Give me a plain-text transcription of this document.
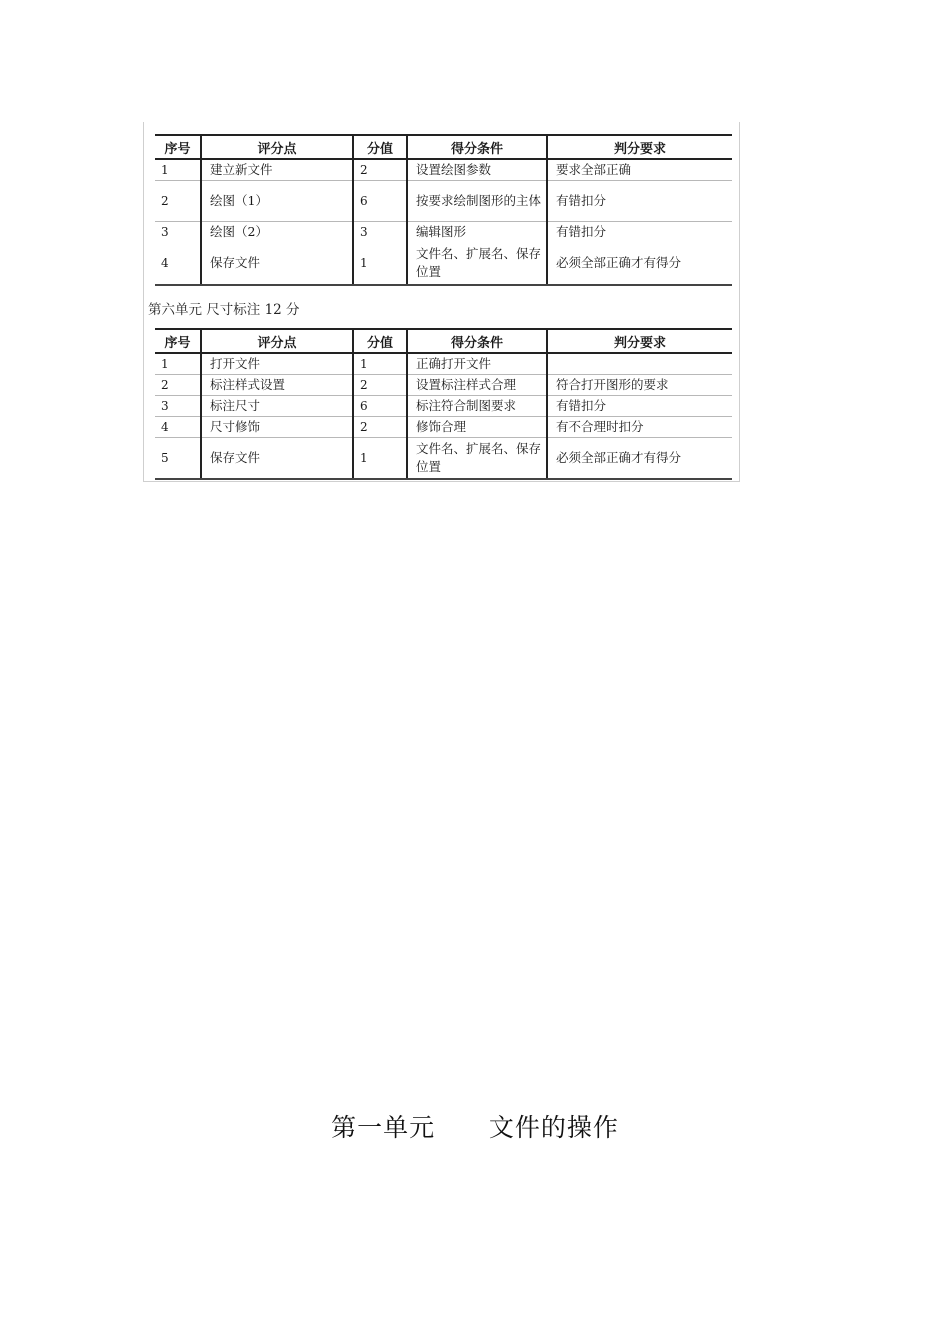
序号	评分点	分值	得分条件	判分要求
1	建立新文件	2	设置绘图参数	要求全部正确
2	绘图（1）	6	按要求绘制图形的主体	有错扣分
3	绘图（2）	3	编辑图形	有错扣分
4	保存文件	1	文件名、扩展名、保存位置	必须全部正确才有得分
第六单元 尺寸标注 12 分
序号	评分点	分值	得分条件	判分要求
1	打开文件	1	正确打开文件	
2	标注样式设置	2	设置标注样式合理	符合打开图形的要求
3	标注尺寸	6	标注符合制图要求	有错扣分
4	尺寸修饰	2	修饰合理	有不合理时扣分
5	保存文件	1	文件名、扩展名、保存位置	必须全部正确才有得分
第一单元      文件的操作
